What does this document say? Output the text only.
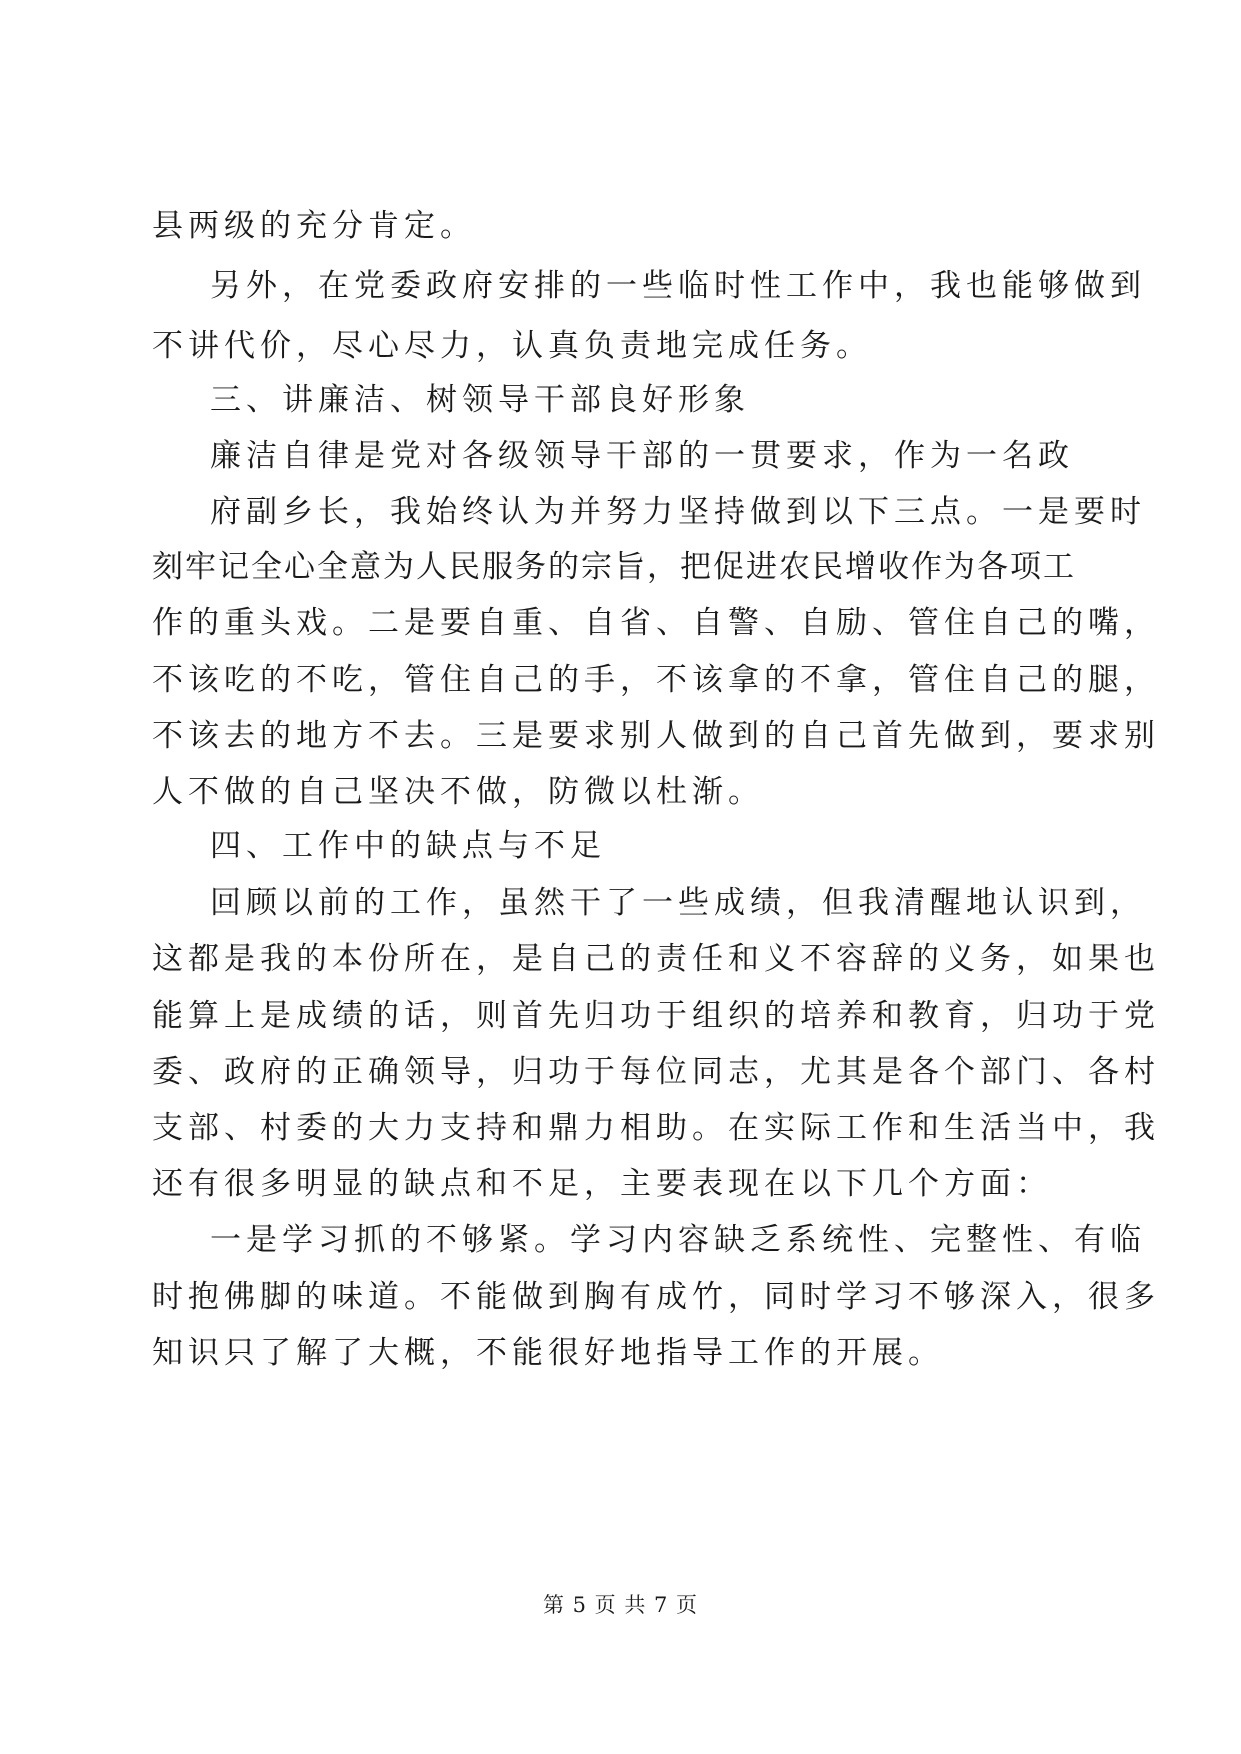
县两级的充分肯定。
另外，在党委政府安排的一些临时性工作中，我也能够做到
不讲代价，尽心尽力，认真负责地完成任务。
三、讲廉洁、树领导干部良好形象
廉洁自律是党对各级领导干部的一贯要求，作为一名政
府副乡长，我始终认为并努力坚持做到以下三点。一是要时
刻牢记全心全意为人民服务的宗旨，把促进农民增收作为各项工
作的重头戏。二是要自重、自省、自警、自励、管住自己的嘴，
不该吃的不吃，管住自己的手，不该拿的不拿，管住自己的腿，
不该去的地方不去。三是要求别人做到的自己首先做到，要求别
人不做的自己坚决不做，防微以杜渐。
四、工作中的缺点与不足
回顾以前的工作，虽然干了一些成绩，但我清醒地认识到，
这都是我的本份所在，是自己的责任和义不容辞的义务，如果也
能算上是成绩的话，则首先归功于组织的培养和教育，归功于党
委、政府的正确领导，归功于每位同志，尤其是各个部门、各村
支部、村委的大力支持和鼎力相助。在实际工作和生活当中，我
还有很多明显的缺点和不足，主要表现在以下几个方面：
一是学习抓的不够紧。学习内容缺乏系统性、完整性、有临
时抱佛脚的味道。不能做到胸有成竹，同时学习不够深入，很多
知识只了解了大概，不能很好地指导工作的开展。
第 5 页 共 7 页
